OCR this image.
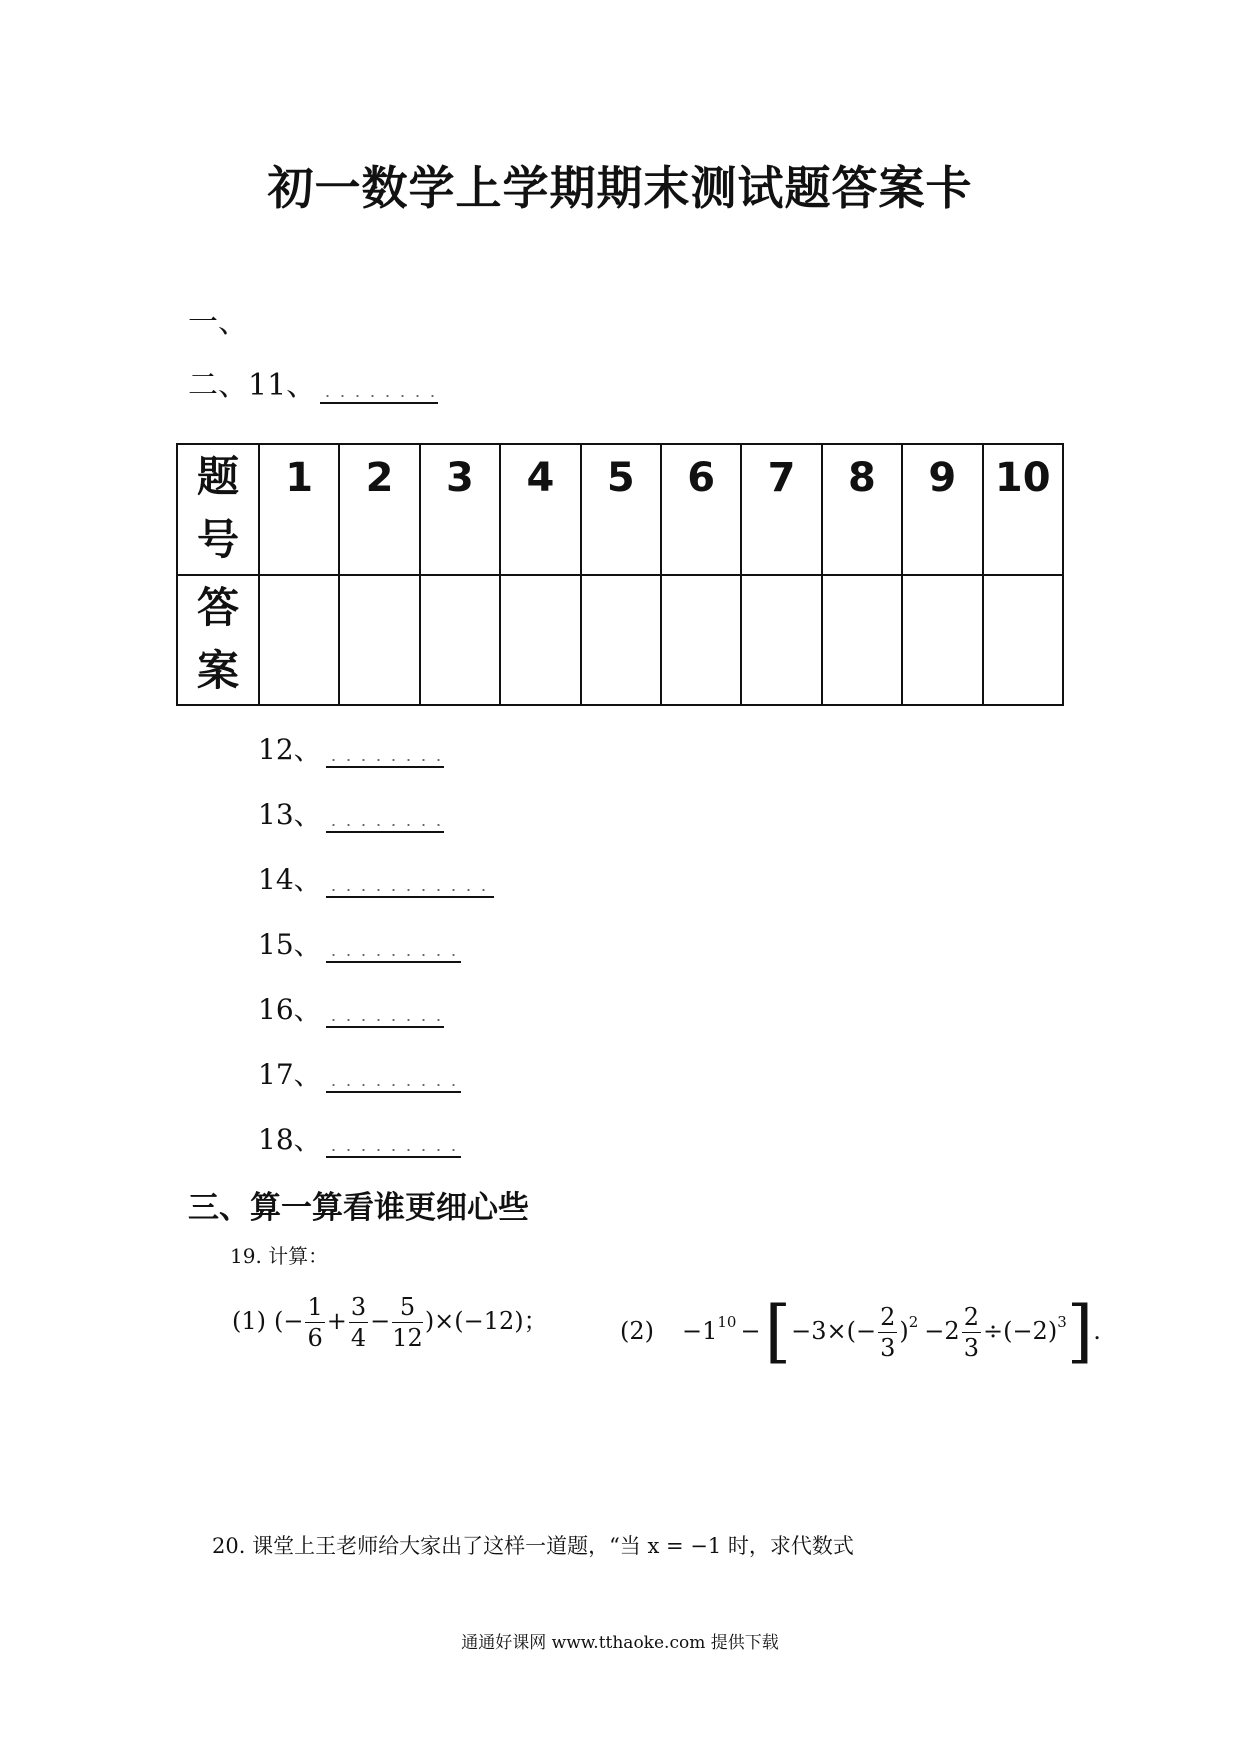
初一数学上学期期末测试题答案卡
一、
二、11、
题
号	1	2	3	4	5	6	7	8	9	10

答
案										

12、
13、
14、
15、
16、
17、
18、
三、算一算看谁更细心些
19. 计算：
(1) (− $\frac{1}{6} + \frac{3}{4} - \frac{5}{12} )\times(-12)$；	$(2) -1^{10} -[-3\times(- \frac{2}{3} )^2 -2 \frac{2}{3} \div(-2)^3]$.
20. 课堂上王老师给大家出了这样一道题，“当 x = −1 时，求代数式
通通好课网 www.tthaoke.com 提供下载
